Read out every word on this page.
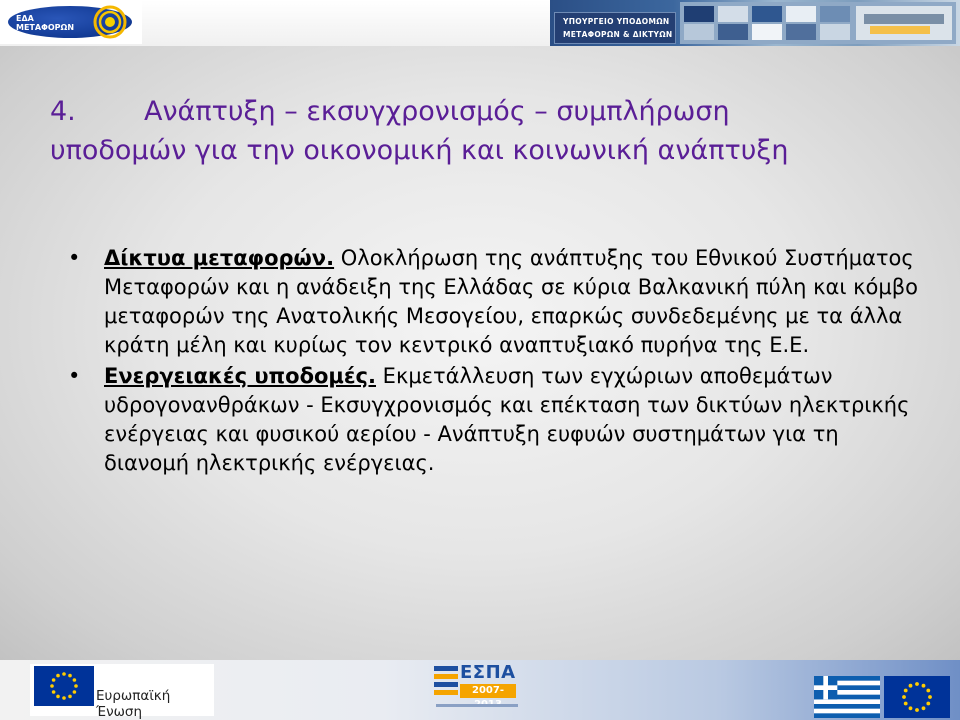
ΕΔΑ
ΜΕΤΑΦΟΡΩΝ
ΥΠΟΥΡΓΕΙΟ ΥΠΟΔΟΜΩΝ
ΜΕΤΑΦΟΡΩΝ & ΔΙΚΤΥΩΝ
4.	Ανάπτυξη – εκσυγχρονισμός – συμπλήρωση
υποδομών για την οικονομική και κοινωνική ανάπτυξη
• Δίκτυα μεταφορών. Ολοκλήρωση της ανάπτυξης του Εθνικού Συστήματος Μεταφορών και η ανάδειξη της Ελλάδας σε κύρια Βαλκανική πύλη και κόμβο μεταφορών της Ανατολικής Μεσογείου, επαρκώς συνδεδεμένης με τα άλλα κράτη μέλη και κυρίως τον κεντρικό αναπτυξιακό πυρήνα της Ε.Ε.
• Ενεργειακές υποδομές. Εκμετάλλευση των εγχώριων αποθεμάτων υδρογονανθράκων - Εκσυγχρονισμός και επέκταση των δικτύων ηλεκτρικής ενέργειας και φυσικού αερίου - Ανάπτυξη ευφυών συστημάτων για τη διανομή ηλεκτρικής ενέργειας.
Ευρωπαϊκή Ένωση
ΕΣΠΑ
2007-
